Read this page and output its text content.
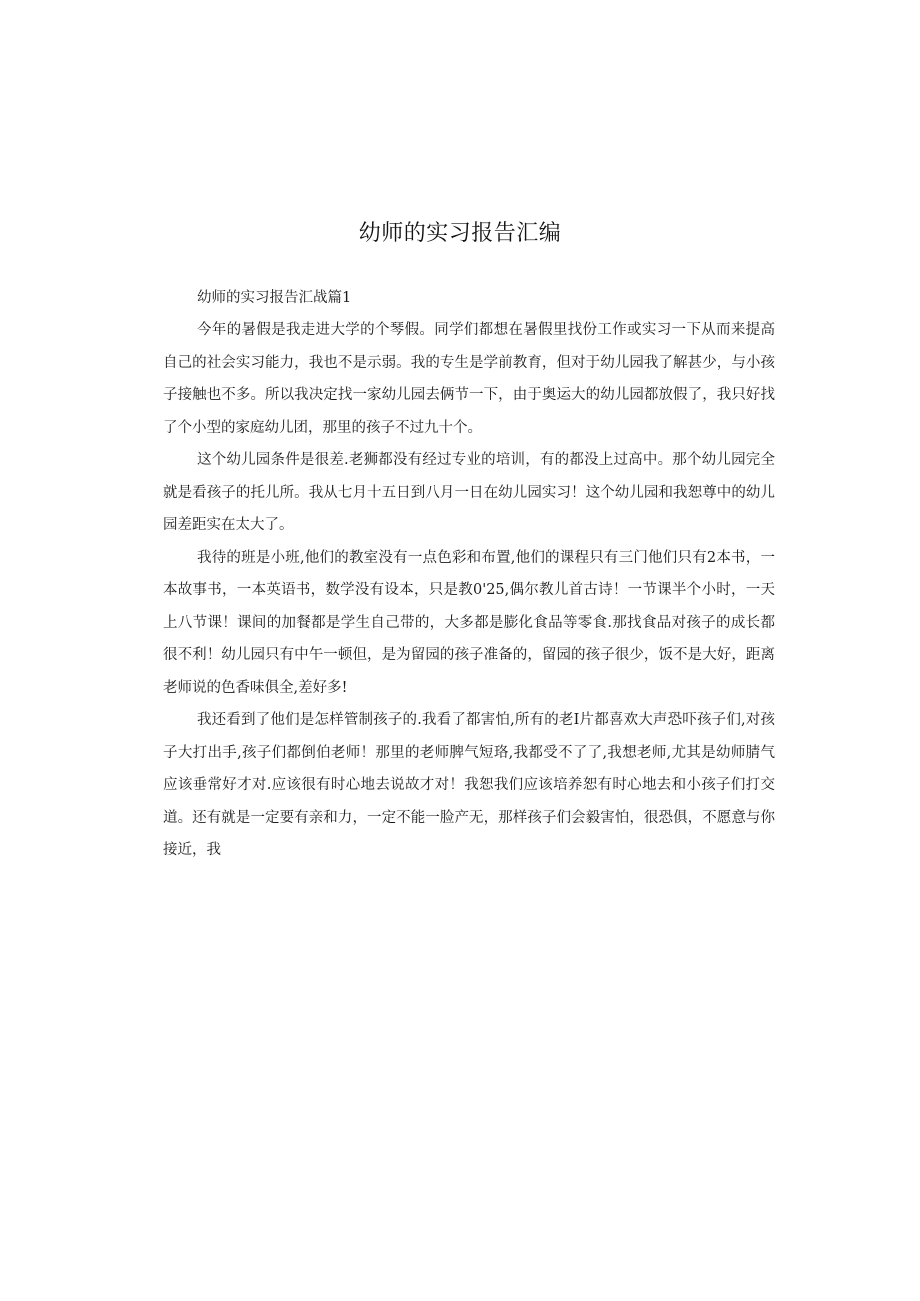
幼师的实习报告汇编

幼师的实习报告汇战篇1

今年的暑假是我走进大学的个琴假。同学们都想在暑假里找份工作或实习一下从而来提高自己的社会实习能力，我也不是示弱。我的专生是学前教育，但对于幼儿园我了解甚少，与小孩子接触也不多。所以我决定找一家幼儿园去俩节一下，由于奥运大的幼儿园都放假了，我只好找了个小型的家庭幼儿团，那里的孩子不过九十个。

这个幼儿园条件是很差.老狮都没有经过专业的培训，有的都没上过高中。那个幼儿园完全就是看孩子的托儿所。我从七月十五日到八月一日在幼儿园实习！这个幼儿园和我恕尊中的幼儿园差距实在太大了。

我待的班是小班,他们的教室没有一点色彩和布置,他们的课程只有三门他们只有2本书，一本故事书，一本英语书，数学没有设本，只是教0'25,偶尔教儿首古诗！一节课半个小时，一天上八节课！课间的加餐都是学生自己带的，大多都是膨化食品等零食.那找食品对孩子的成长都很不利！幼儿园只有中午一顿但，是为留园的孩子准备的，留园的孩子很少，饭不是大好，距离老师说的色香味俱全,差好多!

我还看到了他们是怎样管制孩子的.我看了都害怕,所有的老I片都喜欢大声恐吓孩子们,对孩子大打出手,孩子们都倒伯老师！那里的老师脾气短珞,我都受不了了,我想老师,尤其是幼师腈气应该垂常好才对.应该很有时心地去说故才对！我恕我们应该培养恕有时心地去和小孩子们打交道。还有就是一定要有亲和力，一定不能一脸产无，那样孩子们会毅害怕，很恐俱，不愿意与你接近，我
